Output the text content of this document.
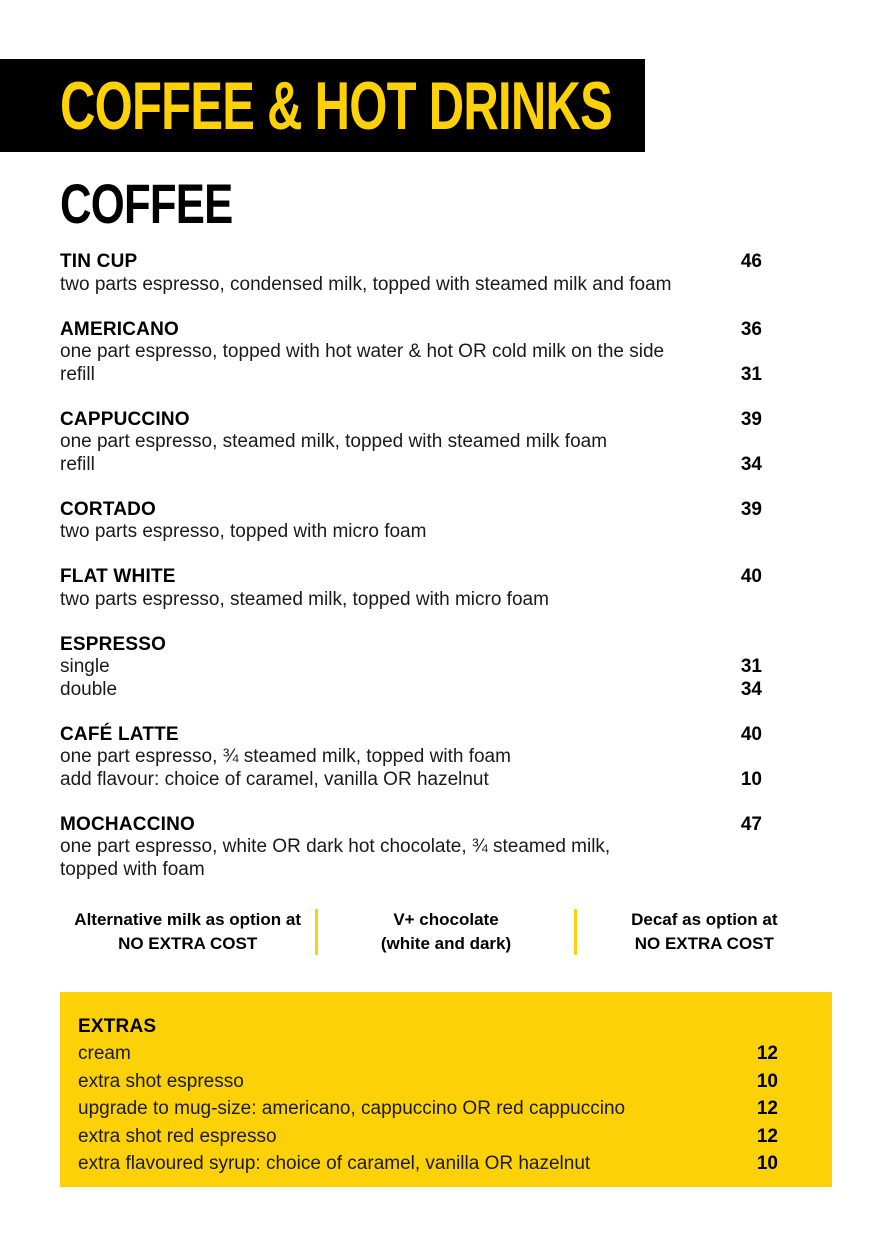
COFFEE & HOT DRINKS
COFFEE
TIN CUP	46
two parts espresso, condensed milk, topped with steamed milk and foam
AMERICANO	36
one part espresso, topped with hot water & hot OR cold milk on the side
refill	31
CAPPUCCINO	39
one part espresso, steamed milk, topped with steamed milk foam
refill	34
CORTADO	39
two parts espresso, topped with micro foam
FLAT WHITE	40
two parts espresso, steamed milk, topped with micro foam
ESPRESSO
single	31
double	34
CAFÉ LATTE	40
one part espresso, ¾ steamed milk, topped with foam
add flavour: choice of caramel, vanilla OR hazelnut	10
MOCHACCINO	47
one part espresso, white OR dark hot chocolate, ¾ steamed milk,
topped with foam
Alternative milk as option at
NO EXTRA COST
V+ chocolate
(white and dark)
Decaf as option at
NO EXTRA COST
EXTRAS
cream	12
extra shot espresso	10
upgrade to mug-size: americano, cappuccino OR red cappuccino	12
extra shot red espresso	12
extra flavoured syrup: choice of caramel, vanilla OR hazelnut	10
